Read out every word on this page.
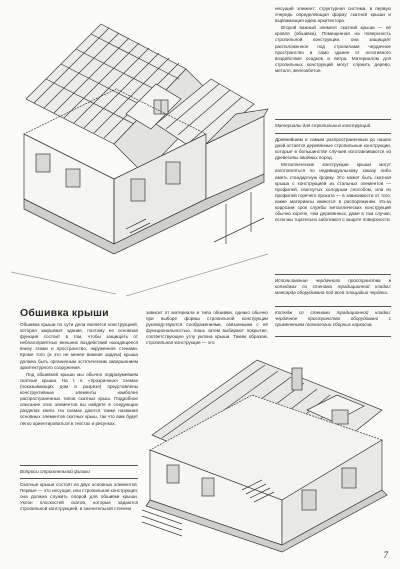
несущий элемент: структурная система, в первую очередь определяющая форму скатной крыши и выражающая идею архитектора.

Второй важный элемент скатной крыши — её кровля (обшивка). Помещенная на поверхность стропильной конструкции, она защищает расположенное под стропилами чердачное пространство и само здание от негативного воздействия осадков и ветра. Материалом для стропильных конструкций могут служить дерево, металл, железобетон.

Материалы для стропильных конструкций

Древнейшим и самым распространенным до наших дней остается деревянные стропильные конструкции, которые в большинстве случаев изготавливаются из древесины хвойных пород.

Металлические конструкции крыши могут изготовляться по индивидуальному заказу либо иметь стандартную форму. Это может быть скатная крыша с конструкцией из стальных элементов — профилей, изогнутых холодным способом, или из профилей горячего проката — в зависимости от того, какие материалы имеются в распоряжении. Из-за коррозии срок службы металлических конструкций обычно короче, чем деревянных, даже в том случае, если мы тщательно заботимся о защите поверхности.

Использование чердачного пространства в котеджах со стенами традиционной кладки: мансарда оборудована под всей площадью чердака.
Котедж со стенами традиционной кладки: чердачное пространство оборудовано с применением технологии сборных каркасов.
Обшивка крыши

Обшивка крыши по сути дела является конструкцией, которая закрывает здание, поэтому ее основная функция состоит в том, чтобы защищать от неблагоприятных внешних воздействий находящееся внизу этажи и пространство, окруженное стенами. Кроме того (и это не менее важная задача) крыша должна быть органичным эстетическим завершением архитектурного сооружения.

Под обшивкой крыши мы обычно подразумеваем скатные крыши. На т. н. «прозрачных» схемах (показывающих дом в разрезе) представлены конструктивные элементы наиболее распространенных типов скатных крыш. Подробное описание этих элементов вы найдете в следующих разделах книги. На схемах даются также названия основных элементов скатных крыш, так что вам будет легко ориентироваться в текстах и рисунках.

Вопросы строительной физики

Скатные крыши состоят из двух основных элементов. Первые — это несущая, или стропильная конструкция; она должна служить опорой для обшивки крыши. Уклон плоскостей скатов, которые задаются стропильной конструкцией, в значительной степени

зависит от материала и типа обшивки, однако обычно при выборе формы стропильной конструкции руководствуются соображениями, связанными с её функциональностью, лишь затем выбирают покрытие, соответствующее углу уклона крыши. Таким образом, стропильная конструкция — это

7
